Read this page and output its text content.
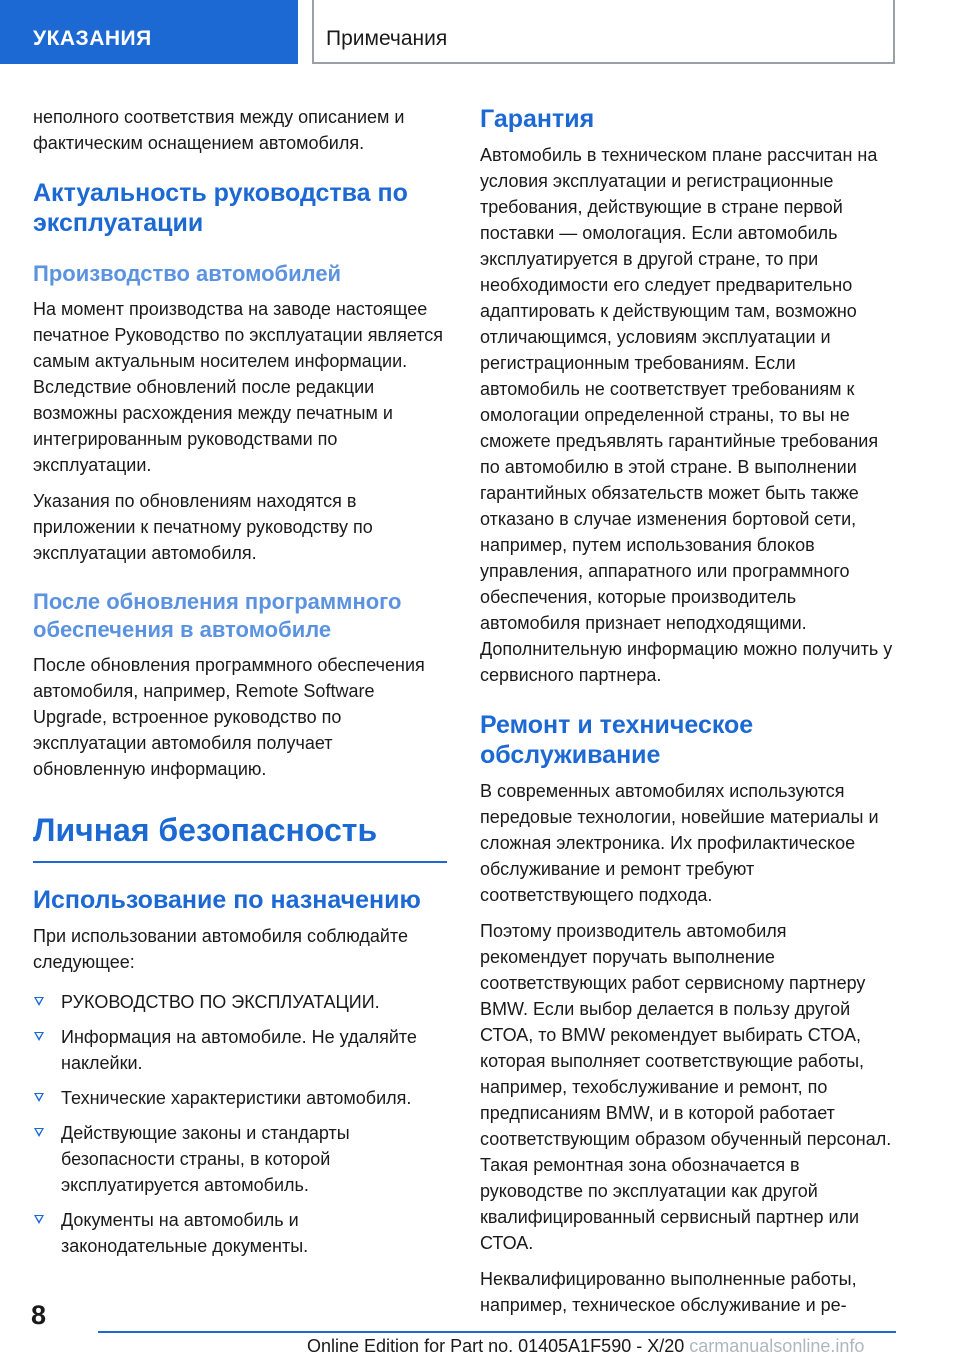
УКАЗАНИЯ	Примечания

неполного соответствия между описанием и фактическим оснащением автомобиля.

Актуальность руководства по эксплуатации
Производство автомобилей

На момент производства на заводе настоящее печатное Руководство по эксплуатации является самым актуальным носителем информации. Вследствие обновлений после редакции возможны расхождения между печатным и интегрированным руководствами по эксплуатации.

Указания по обновлениям находятся в приложении к печатному руководству по эксплуатации автомобиля.

После обновления программного обеспечения в автомобиле

После обновления программного обеспечения автомобиля, например, Remote Software Upgrade, встроенное руководство по эксплуатации автомобиля получает обновленную информацию.

Личная безопасность
Использование по назначению

При использовании автомобиля соблюдайте следующее:

РУКОВОДСТВО ПО ЭКСПЛУАТАЦИИ.
Информация на автомобиле. Не удаляйте наклейки.
Технические характеристики автомобиля.
Действующие законы и стандарты безопасности страны, в которой эксплуатируется автомобиль.
Документы на автомобиль и законодательные документы.
Гарантия

Автомобиль в техническом плане рассчитан на условия эксплуатации и регистрационные требования, действующие в стране первой поставки — омологация. Если автомобиль эксплуатируется в другой стране, то при необходимости его следует предварительно адаптировать к действующим там, возможно отличающимся, условиям эксплуатации и регистрационным требованиям. Если автомобиль не соответствует требованиям к омологации определенной страны, то вы не сможете предъявлять гарантийные требования по автомобилю в этой стране. В выполнении гарантийных обязательств может быть также отказано в случае изменения бортовой сети, например, путем использования блоков управления, аппаратного или программного обеспечения, которые производитель автомобиля признает неподходящими. Дополнительную информацию можно получить у сервисного партнера.

Ремонт и техническое обслуживание

В современных автомобилях используются передовые технологии, новейшие материалы и сложная электроника. Их профилактическое обслуживание и ремонт требуют соответствующего подхода.

Поэтому производитель автомобиля рекомендует поручать выполнение соответствующих работ сервисному партнеру BMW. Если выбор делается в пользу другой СТОА, то BMW рекомендует выбирать СТОА, которая выполняет соответствующие работы, например, техобслуживание и ремонт, по предписаниям BMW, и в которой работает соответствующим образом обученный персонал. Такая ремонтная зона обозначается в руководстве по эксплуатации как другой квалифицированный сервисный партнер или СТОА.

Неквалифицированно выполненные работы, например, техническое обслуживание и ре-

8
Online Edition for Part no. 01405A1F590 - X/20 carmanualsonline.info
